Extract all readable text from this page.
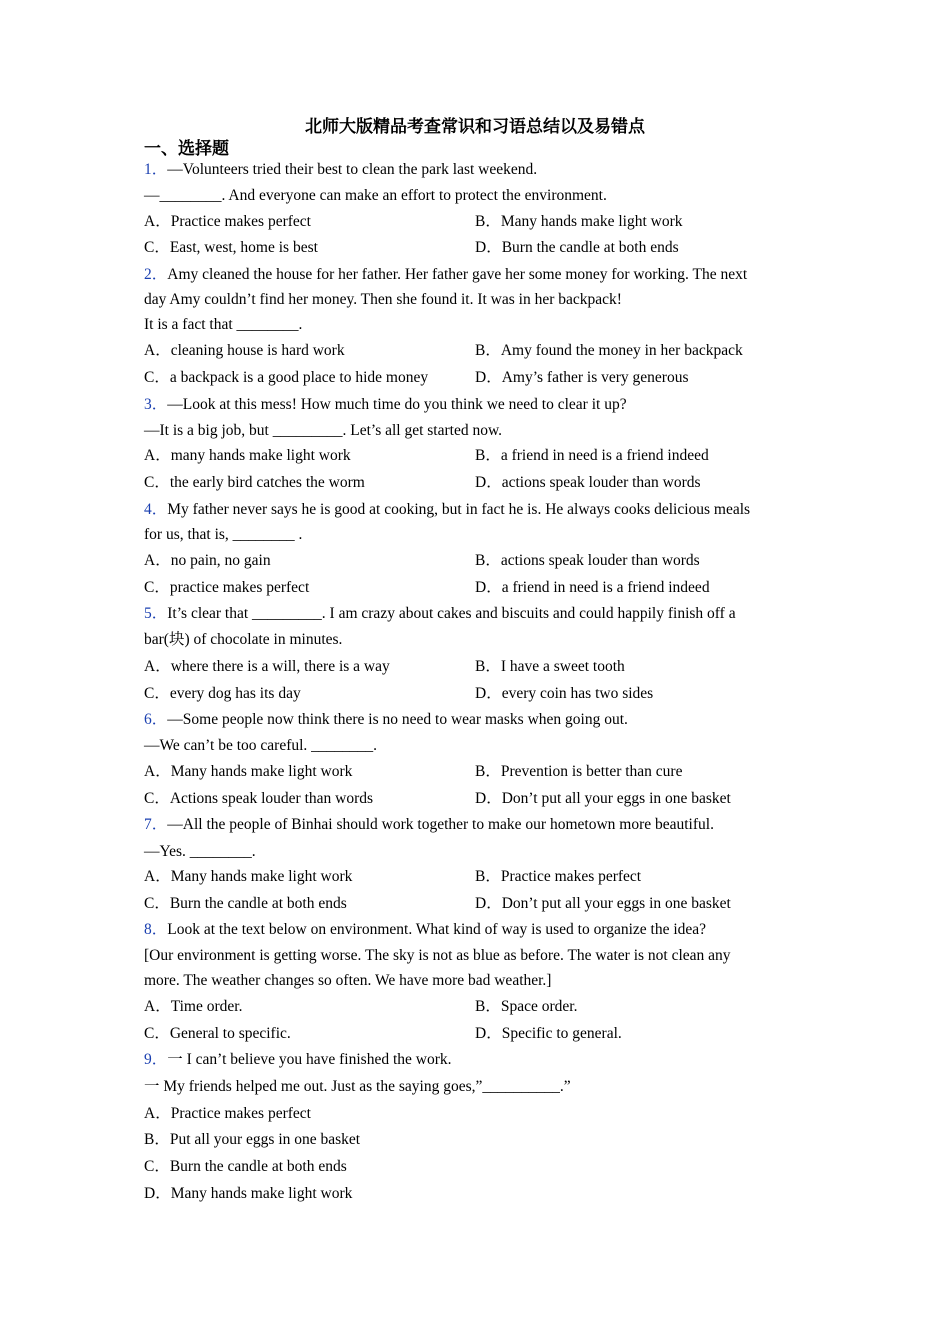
北师大版精品考查常识和习语总结以及易错点
一、选择题
1．—Volunteers tried their best to clean the park last weekend.
—________. And everyone can make an effort to protect the environment.
A．Practice makes perfect	B．Many hands make light work
C．East, west, home is best	D．Burn the candle at both ends
2．Amy cleaned the house for her father. Her father gave her some money for working. The next
day Amy couldn’t find her money. Then she found it. It was in her backpack!
It is a fact that ________.
A．cleaning house is hard work	B．Amy found the money in her backpack
C．a backpack is a good place to hide money	D．Amy’s father is very generous
3．—Look at this mess! How much time do you think we need to clear it up?
—It is a big job, but _________. Let’s all get started now.
A．many hands make light work	B．a friend in need is a friend indeed
C．the early bird catches the worm	D．actions speak louder than words
4．My father never says he is good at cooking, but in fact he is. He always cooks delicious meals
for us, that is, ________ .
A．no pain, no gain	B．actions speak louder than words
C．practice makes perfect	D．a friend in need is a friend indeed
5．It’s clear that _________. I am crazy about cakes and biscuits and could happily finish off a
bar(块) of chocolate in minutes.
A．where there is a will, there is a way	B．I have a sweet tooth
C．every dog has its day	D．every coin has two sides
6．—Some people now think there is no need to wear masks when going out.
—We can’t be too careful. ________.
A．Many hands make light work	B．Prevention is better than cure
C．Actions speak louder than words	D．Don’t put all your eggs in one basket
7．—All the people of Binhai should work together to make our hometown more beautiful.
—Yes. ________.
A．Many hands make light work	B．Practice makes perfect
C．Burn the candle at both ends	D．Don’t put all your eggs in one basket
8．Look at the text below on environment. What kind of way is used to organize the idea?
[Our environment is getting worse. The sky is not as blue as before. The water is not clean any
more. The weather changes so often. We have more bad weather.]
A．Time order.	B．Space order.
C．General to specific.	D．Specific to general.
9．一 I can’t believe you have finished the work.
一 My friends helped me out. Just as the saying goes,”__________.”
A．Practice makes perfect
B．Put all your eggs in one basket
C．Burn the candle at both ends
D．Many hands make light work
